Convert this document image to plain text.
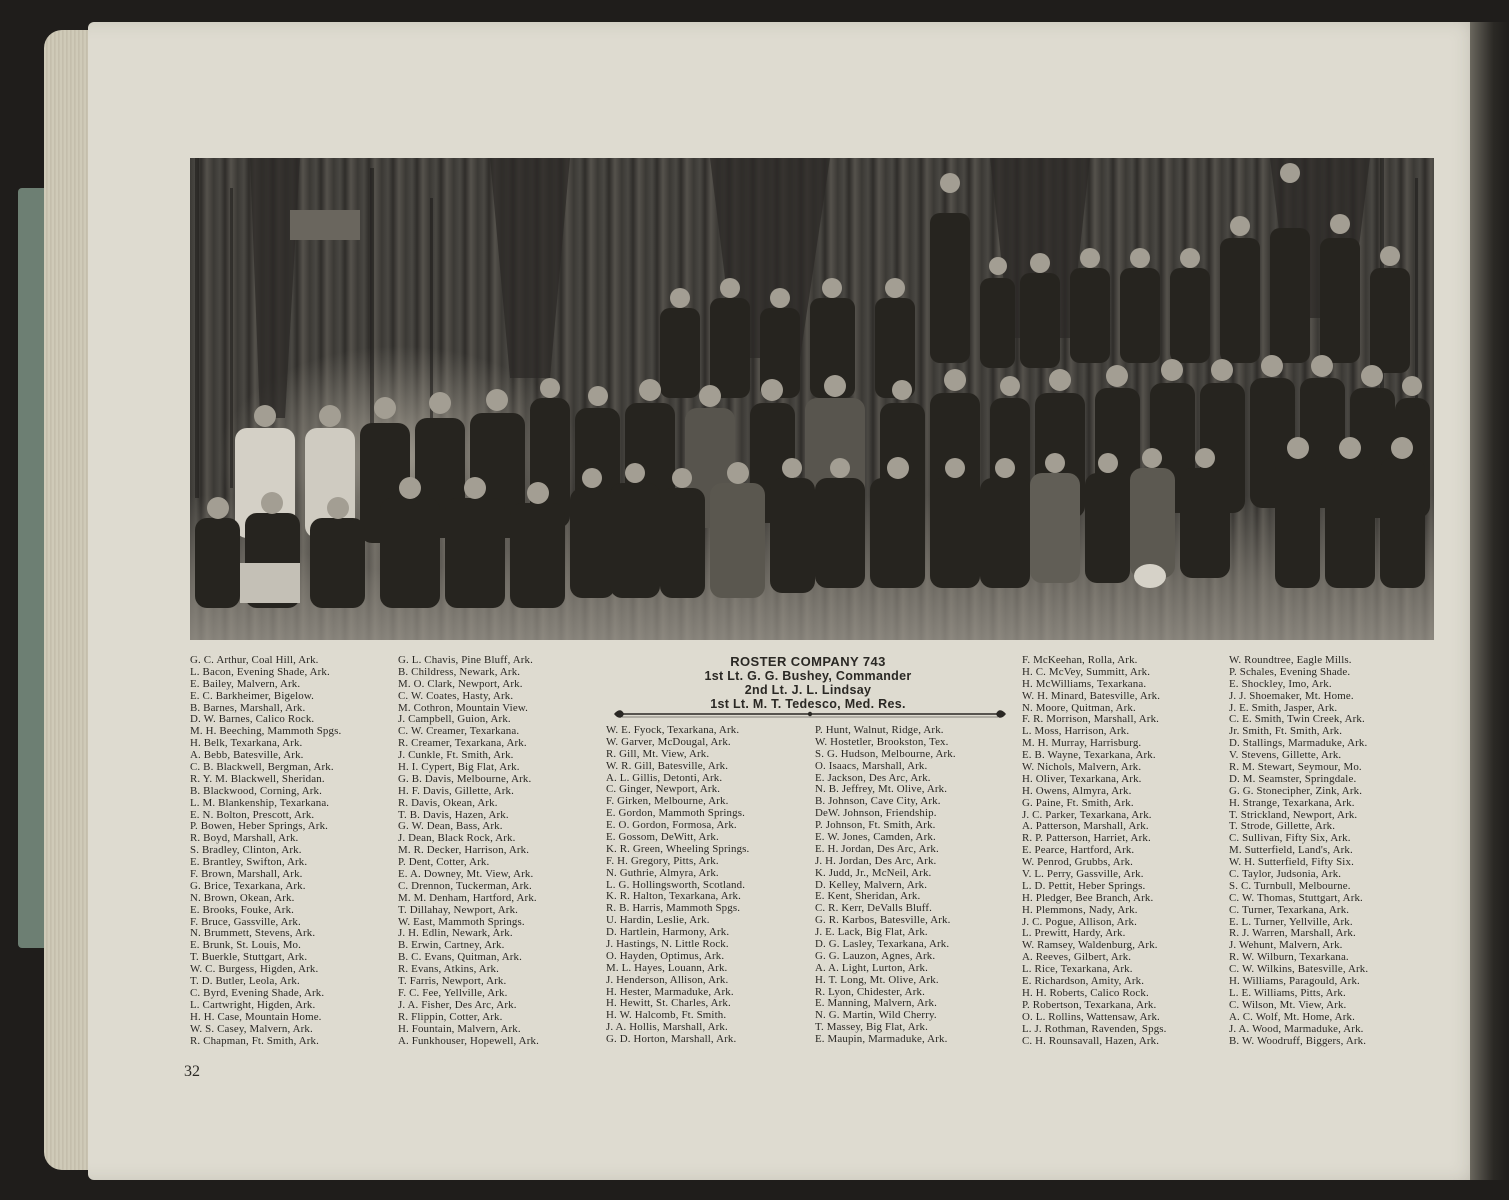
G. C. Arthur, Coal Hill, Ark.
L. Bacon, Evening Shade, Ark.
E. Bailey, Malvern, Ark.
E. C. Barkheimer, Bigelow.
B. Barnes, Marshall, Ark.
D. W. Barnes, Calico Rock.
M. H. Beeching, Mammoth Spgs.
H. Belk, Texarkana, Ark.
A. Bebb, Batesville, Ark.
C. B. Blackwell, Bergman, Ark.
R. Y. M. Blackwell, Sheridan.
B. Blackwood, Corning, Ark.
L. M. Blankenship, Texarkana.
E. N. Bolton, Prescott, Ark.
P. Bowen, Heber Springs, Ark.
R. Boyd, Marshall, Ark.
S. Bradley, Clinton, Ark.
E. Brantley, Swifton, Ark.
F. Brown, Marshall, Ark.
G. Brice, Texarkana, Ark.
N. Brown, Okean, Ark.
E. Brooks, Fouke, Ark.
F. Bruce, Gassville, Ark.
N. Brummett, Stevens, Ark.
E. Brunk, St. Louis, Mo.
T. Buerkle, Stuttgart, Ark.
W. C. Burgess, Higden, Ark.
T. D. Butler, Leola, Ark.
C. Byrd, Evening Shade, Ark.
L. Cartwright, Higden, Ark.
H. H. Case, Mountain Home.
W. S. Casey, Malvern, Ark.
R. Chapman, Ft. Smith, Ark.
G. L. Chavis, Pine Bluff, Ark.
B. Childress, Newark, Ark.
M. O. Clark, Newport, Ark.
C. W. Coates, Hasty, Ark.
M. Cothron, Mountain View.
J. Campbell, Guion, Ark.
C. W. Creamer, Texarkana.
R. Creamer, Texarkana, Ark.
J. Cunkle, Ft. Smith, Ark.
H. I. Cypert, Big Flat, Ark.
G. B. Davis, Melbourne, Ark.
H. F. Davis, Gillette, Ark.
R. Davis, Okean, Ark.
T. B. Davis, Hazen, Ark.
G. W. Dean, Bass, Ark.
J. Dean, Black Rock, Ark.
M. R. Decker, Harrison, Ark.
P. Dent, Cotter, Ark.
E. A. Downey, Mt. View, Ark.
C. Drennon, Tuckerman, Ark.
M. M. Denham, Hartford, Ark.
T. Dillahay, Newport, Ark.
W. East, Mammoth Springs.
J. H. Edlin, Newark, Ark.
B. Erwin, Cartney, Ark.
B. C. Evans, Quitman, Ark.
R. Evans, Atkins, Ark.
T. Farris, Newport, Ark.
F. C. Fee, Yellville, Ark.
J. A. Fisher, Des Arc, Ark.
R. Flippin, Cotter, Ark.
H. Fountain, Malvern, Ark.
A. Funkhouser, Hopewell, Ark.
W. E. Fyock, Texarkana, Ark.
W. Garver, McDougal, Ark.
R. Gill, Mt. View, Ark.
W. R. Gill, Batesville, Ark.
A. L. Gillis, Detonti, Ark.
C. Ginger, Newport, Ark.
F. Girken, Melbourne, Ark.
E. Gordon, Mammoth Springs.
E. O. Gordon, Formosa, Ark.
E. Gossom, DeWitt, Ark.
K. R. Green, Wheeling Springs.
F. H. Gregory, Pitts, Ark.
N. Guthrie, Almyra, Ark.
L. G. Hollingsworth, Scotland.
K. R. Halton, Texarkana, Ark.
R. B. Harris, Mammoth Spgs.
U. Hardin, Leslie, Ark.
D. Hartlein, Harmony, Ark.
J. Hastings, N. Little Rock.
O. Hayden, Optimus, Ark.
M. L. Hayes, Louann, Ark.
J. Henderson, Allison, Ark.
H. Hester, Marmaduke, Ark.
H. Hewitt, St. Charles, Ark.
H. W. Halcomb, Ft. Smith.
J. A. Hollis, Marshall, Ark.
G. D. Horton, Marshall, Ark.
P. Hunt, Walnut, Ridge, Ark.
W. Hostetler, Brookston, Tex.
S. G. Hudson, Melbourne, Ark.
O. Isaacs, Marshall, Ark.
E. Jackson, Des Arc, Ark.
N. B. Jeffrey, Mt. Olive, Ark.
B. Johnson, Cave City, Ark.
DeW. Johnson, Friendship.
P. Johnson, Ft. Smith, Ark.
E. W. Jones, Camden, Ark.
E. H. Jordan, Des Arc, Ark.
J. H. Jordan, Des Arc, Ark.
K. Judd, Jr., McNeil, Ark.
D. Kelley, Malvern, Ark.
E. Kent, Sheridan, Ark.
C. R. Kerr, DeValls Bluff.
G. R. Karbos, Batesville, Ark.
J. E. Lack, Big Flat, Ark.
D. G. Lasley, Texarkana, Ark.
G. G. Lauzon, Agnes, Ark.
A. A. Light, Lurton, Ark.
H. T. Long, Mt. Olive, Ark.
R. Lyon, Chidester, Ark.
E. Manning, Malvern, Ark.
N. G. Martin, Wild Cherry.
T. Massey, Big Flat, Ark.
E. Maupin, Marmaduke, Ark.
F. McKeehan, Rolla, Ark.
H. C. McVey, Summitt, Ark.
H. McWilliams, Texarkana.
W. H. Minard, Batesville, Ark.
N. Moore, Quitman, Ark.
F. R. Morrison, Marshall, Ark.
L. Moss, Harrison, Ark.
M. H. Murray, Harrisburg.
E. B. Wayne, Texarkana, Ark.
W. Nichols, Malvern, Ark.
H. Oliver, Texarkana, Ark.
H. Owens, Almyra, Ark.
G. Paine, Ft. Smith, Ark.
J. C. Parker, Texarkana, Ark.
A. Patterson, Marshall, Ark.
R. P. Patterson, Harriet, Ark.
E. Pearce, Hartford, Ark.
W. Penrod, Grubbs, Ark.
V. L. Perry, Gassville, Ark.
L. D. Pettit, Heber Springs.
H. Pledger, Bee Branch, Ark.
H. Plemmons, Nady, Ark.
J. C. Pogue, Allison, Ark.
L. Prewitt, Hardy, Ark.
W. Ramsey, Waldenburg, Ark.
A. Reeves, Gilbert, Ark.
L. Rice, Texarkana, Ark.
E. Richardson, Amity, Ark.
H. H. Roberts, Calico Rock.
P. Robertson, Texarkana, Ark.
O. L. Rollins, Wattensaw, Ark.
L. J. Rothman, Ravenden, Spgs.
C. H. Rounsavall, Hazen, Ark.
W. Roundtree, Eagle Mills.
P. Schales, Evening Shade.
E. Shockley, Imo, Ark.
J. J. Shoemaker, Mt. Home.
J. E. Smith, Jasper, Ark.
C. E. Smith, Twin Creek, Ark.
Jr. Smith, Ft. Smith, Ark.
D. Stallings, Marmaduke, Ark.
V. Stevens, Gillette, Ark.
R. M. Stewart, Seymour, Mo.
D. M. Seamster, Springdale.
G. G. Stonecipher, Zink, Ark.
H. Strange, Texarkana, Ark.
T. Strickland, Newport, Ark.
T. Strode, Gillette, Ark.
C. Sullivan, Fifty Six, Ark.
M. Sutterfield, Land's, Ark.
W. H. Sutterfield, Fifty Six.
C. Taylor, Judsonia, Ark.
S. C. Turnbull, Melbourne.
C. W. Thomas, Stuttgart, Ark.
C. Turner, Texarkana, Ark.
E. L. Turner, Yellville, Ark.
R. J. Warren, Marshall, Ark.
J. Wehunt, Malvern, Ark.
R. W. Wilburn, Texarkana.
C. W. Wilkins, Batesville, Ark.
H. Williams, Paragould, Ark.
L. E. Williams, Pitts, Ark.
C. Wilson, Mt. View, Ark.
A. C. Wolf, Mt. Home, Ark.
J. A. Wood, Marmaduke, Ark.
B. W. Woodruff, Biggers, Ark.
ROSTER COMPANY 743
1st Lt. G. G. Bushey, Commander
2nd Lt. J. L. Lindsay
1st Lt. M. T. Tedesco, Med. Res.
32
